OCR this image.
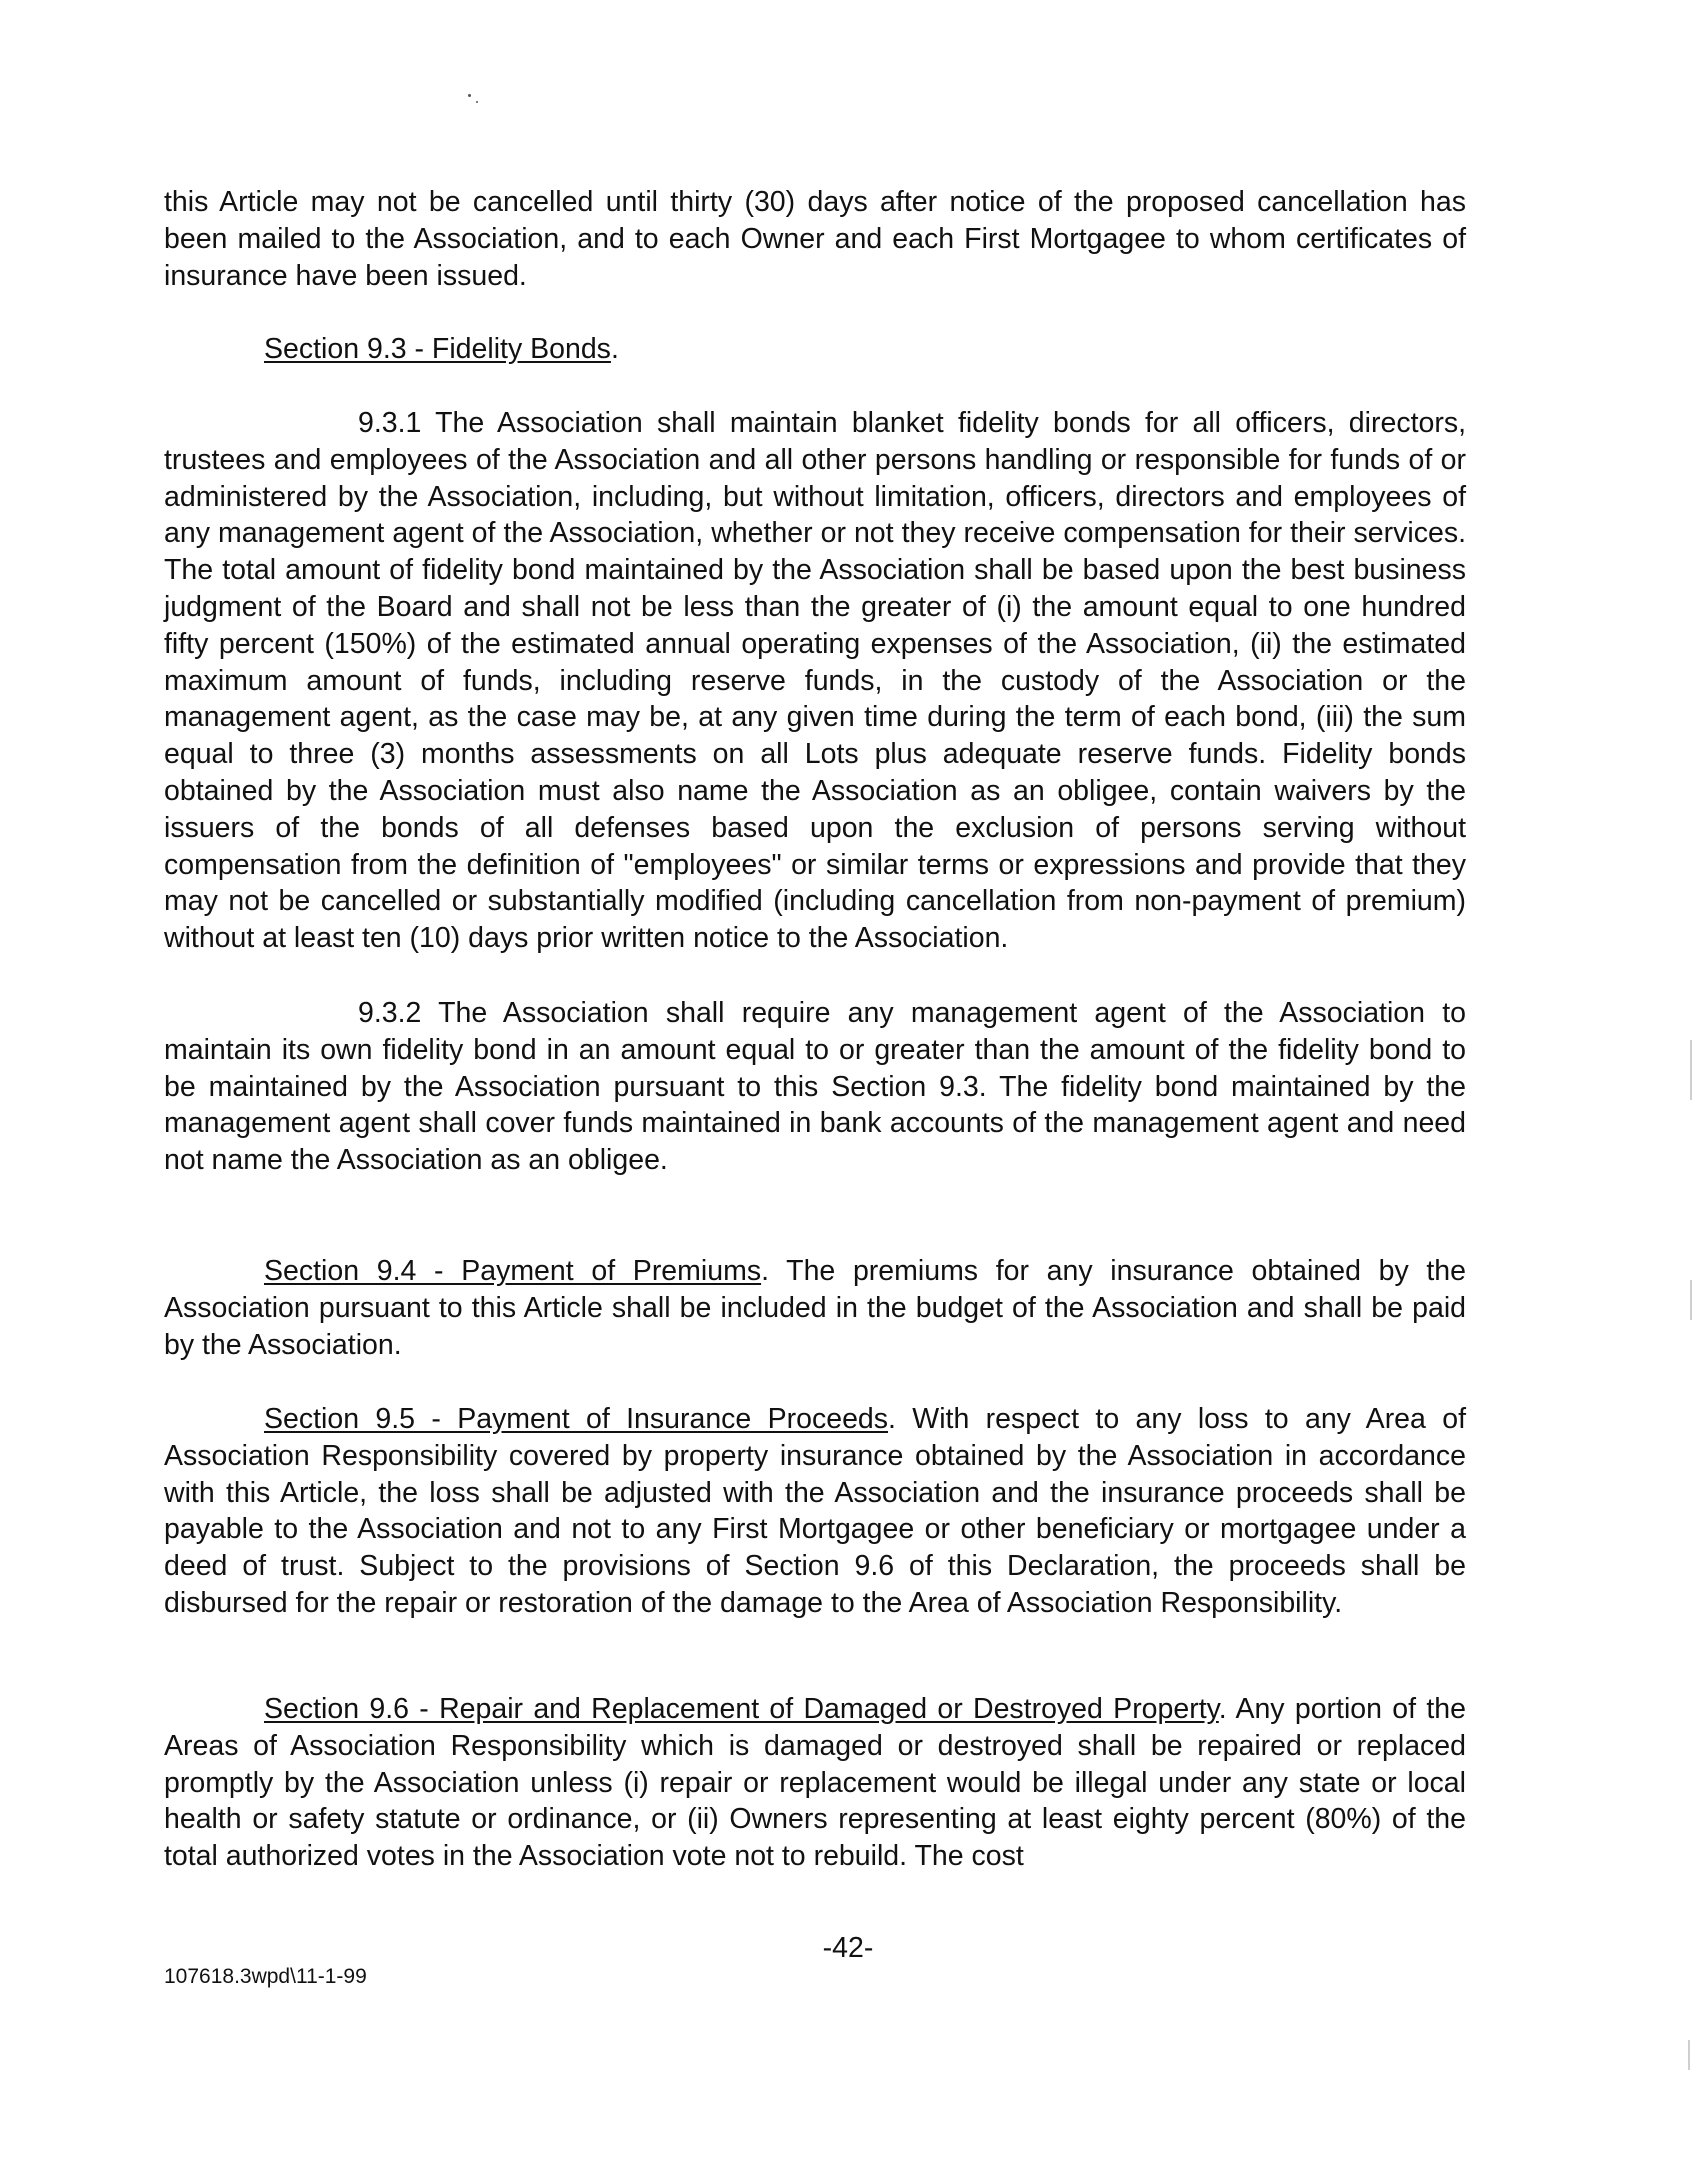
this Article may not be cancelled until thirty (30) days after notice of the proposed cancellation has been mailed to the Association, and to each Owner and each First Mortgagee to whom certificates of insurance have been issued.

Section 9.3 - Fidelity Bonds.

9.3.1 The Association shall maintain blanket fidelity bonds for all officers, directors, trustees and employees of the Association and all other persons handling or responsible for funds of or administered by the Association, including, but without limitation, officers, directors and employees of any management agent of the Association, whether or not they receive compensation for their services. The total amount of fidelity bond maintained by the Association shall be based upon the best business judgment of the Board and shall not be less than the greater of (i) the amount equal to one hundred fifty percent (150%) of the estimated annual operating expenses of the Association, (ii) the estimated maximum amount of funds, including reserve funds, in the custody of the Association or the management agent, as the case may be, at any given time during the term of each bond, (iii) the sum equal to three (3) months assessments on all Lots plus adequate reserve funds. Fidelity bonds obtained by the Association must also name the Association as an obligee, contain waivers by the issuers of the bonds of all defenses based upon the exclusion of persons serving without compensation from the definition of "employees" or similar terms or expressions and provide that they may not be cancelled or substantially modified (including cancellation from non-payment of premium) without at least ten (10) days prior written notice to the Association.

9.3.2 The Association shall require any management agent of the Association to maintain its own fidelity bond in an amount equal to or greater than the amount of the fidelity bond to be maintained by the Association pursuant to this Section 9.3. The fidelity bond maintained by the management agent shall cover funds maintained in bank accounts of the management agent and need not name the Association as an obligee.

Section 9.4 - Payment of Premiums. The premiums for any insurance obtained by the Association pursuant to this Article shall be included in the budget of the Association and shall be paid by the Association.

Section 9.5 - Payment of Insurance Proceeds. With respect to any loss to any Area of Association Responsibility covered by property insurance obtained by the Association in accordance with this Article, the loss shall be adjusted with the Association and the insurance proceeds shall be payable to the Association and not to any First Mortgagee or other beneficiary or mortgagee under a deed of trust. Subject to the provisions of Section 9.6 of this Declaration, the proceeds shall be disbursed for the repair or restoration of the damage to the Area of Association Responsibility.

Section 9.6 - Repair and Replacement of Damaged or Destroyed Property. Any portion of the Areas of Association Responsibility which is damaged or destroyed shall be repaired or replaced promptly by the Association unless (i) repair or replacement would be illegal under any state or local health or safety statute or ordinance, or (ii) Owners representing at least eighty percent (80%) of the total authorized votes in the Association vote not to rebuild. The cost

-42-

107618.3wpd\11-1-99
